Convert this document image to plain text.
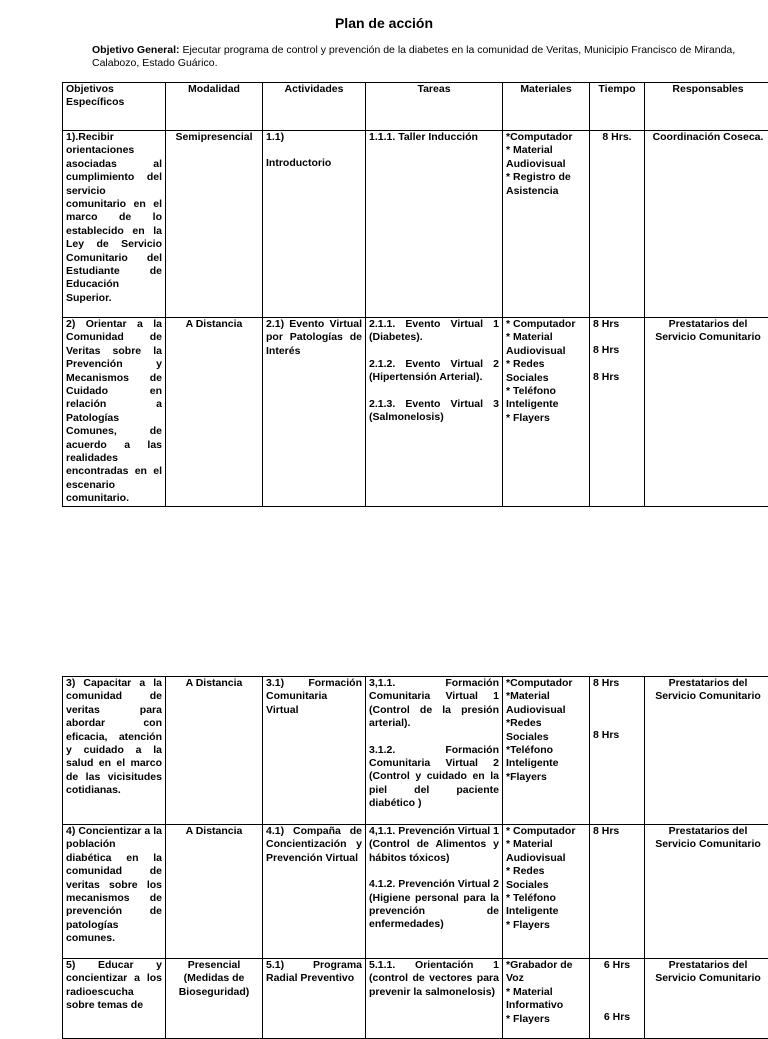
Plan de acción
Objetivo General: Ejecutar programa de control y prevención de la diabetes en la comunidad de Veritas, Municipio Francisco de Miranda, Calabozo, Estado Guárico.
Objetivos Específicos	Modalidad	Actividades	Tareas	Materiales	Tiempo	Responsables
1).Recibir orientaciones asociadas al cumplimiento del servicio comunitario en el marco de lo establecido en la Ley de Servicio Comunitario del Estudiante de Educación Superior.	Semipresencial	1.1)
Introductorio	1.1.1. Taller Inducción	*Computador
* Material Audiovisual
* Registro de Asistencia	8 Hrs.	Coordinación Coseca.
2) Orientar a la Comunidad de Veritas sobre la Prevención y Mecanismos de Cuidado en relación a Patologías Comunes, de acuerdo a las realidades encontradas en el escenario comunitario.	A Distancia	2.1) Evento Virtual por Patologías de Interés	2.1.1. Evento Virtual 1 (Diabetes).
2.1.2. Evento Virtual 2 (Hipertensión Arterial).
2.1.3. Evento Virtual 3 (Salmonelosis)	* Computador
* Material Audiovisual
* Redes Sociales
* Teléfono Inteligente
* Flayers	8 Hrs
8 Hrs
8 Hrs	Prestatarios del Servicio Comunitario
3) Capacitar a la comunidad de veritas para abordar con eficacia, atención y cuidado a la salud en el marco de las vicisitudes cotidianas.	A Distancia	3.1) Formación Comunitaria Virtual	3,1.1. Formación Comunitaria Virtual 1 (Control de la presión arterial).
3.1.2. Formación Comunitaria Virtual 2 (Control y cuidado en la piel del paciente diabético )	*Computador
*Material Audiovisual
*Redes Sociales
*Teléfono Inteligente
*Flayers	8 Hrs
8 Hrs	Prestatarios del Servicio Comunitario
4) Concientizar a la población diabética en la comunidad de veritas sobre los mecanismos de prevención de patologías comunes.	A Distancia	4.1) Compaña de Concientización y Prevención Virtual	4,1.1. Prevención Virtual 1 (Control de Alimentos y hábitos tóxicos)
4.1.2. Prevención Virtual 2 (Higiene personal para la prevención de enfermedades)	* Computador
* Material Audiovisual
* Redes Sociales
* Teléfono Inteligente
* Flayers	8 Hrs	Prestatarios del Servicio Comunitario
5) Educar y concientizar a los radioescucha sobre temas de	Presencial (Medidas de Bioseguridad)	5.1) Programa Radial Preventivo	5.1.1. Orientación 1 (control de vectores para prevenir la salmonelosis)	*Grabador de Voz
* Material Informativo
* Flayers	6 Hrs
6 Hrs	Prestatarios del Servicio Comunitario
